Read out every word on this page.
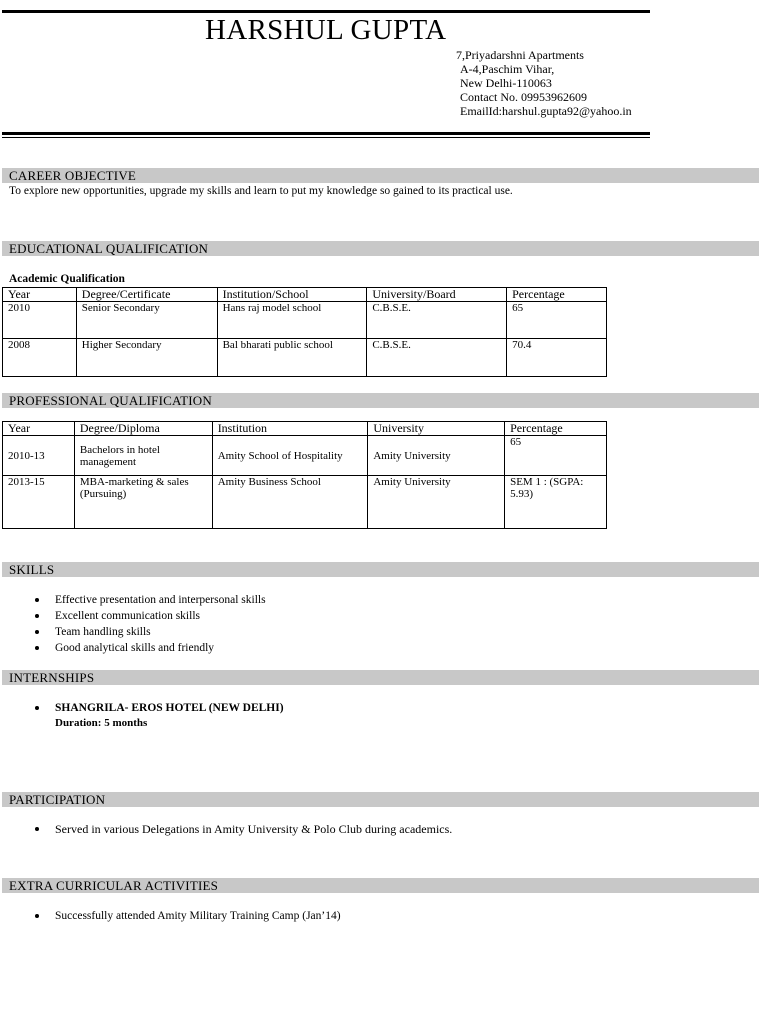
HARSHUL GUPTA
7,Priyadarshni Apartments
A-4,Paschim Vihar,
New Delhi-110063
Contact No. 09953962609
EmailId:harshul.gupta92@yahoo.in
CAREER OBJECTIVE
To explore new opportunities, upgrade my skills and learn to put my knowledge so gained to its practical use.
EDUCATIONAL QUALIFICATION
Academic Qualification
Year	Degree/Certificate	Institution/School	University/Board	Percentage
2010	Senior Secondary	Hans raj model school	C.B.S.E.	65
2008	Higher Secondary	Bal bharati public school	C.B.S.E.	70.4
PROFESSIONAL QUALIFICATION
Year	Degree/Diploma	Institution	University	Percentage
2010-13	Bachelors in hotel management	Amity School of Hospitality	Amity University	65
2013-15	MBA-marketing & sales (Pursuing)	Amity Business School	Amity University	SEM 1 : (SGPA: 5.93)
SKILLS
Effective presentation and interpersonal skills
Excellent communication skills
Team handling skills
Good analytical skills and friendly
INTERNSHIPS
SHANGRILA- EROS HOTEL (NEW DELHI)
Duration: 5 months
PARTICIPATION
Served in various Delegations in Amity University & Polo Club during academics.
EXTRA CURRICULAR ACTIVITIES
Successfully attended Amity Military Training Camp (Jan’14)
